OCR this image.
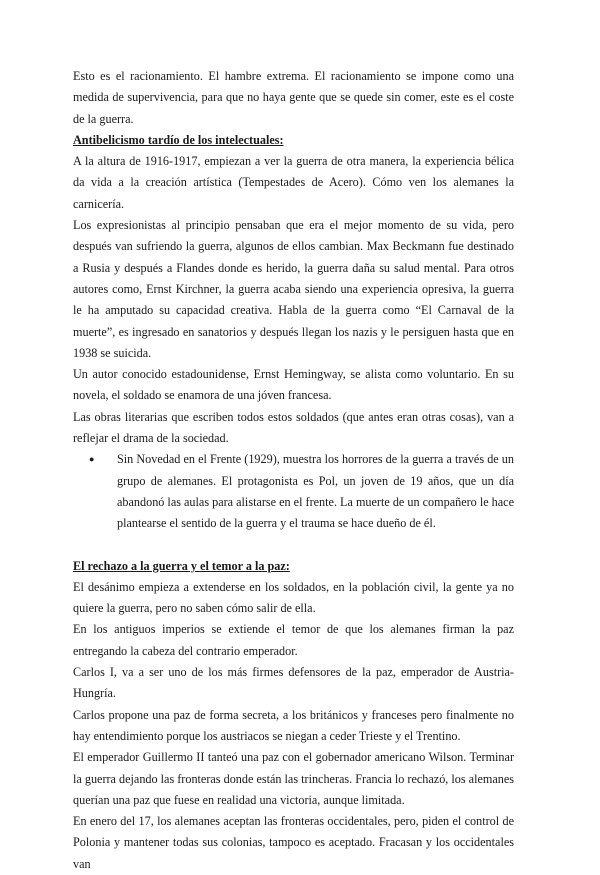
Esto es el racionamiento. El hambre extrema. El racionamiento se impone como una medida de supervivencia, para que no haya gente que se quede sin comer, este es el coste de la guerra.

Antibelicismo tardío de los intelectuales:

A la altura de 1916-1917, empiezan a ver la guerra de otra manera, la experiencia bélica da vida a la creación artística (Tempestades de Acero). Cómo ven los alemanes la carnicería.

Los expresionistas al principio pensaban que era el mejor momento de su vida, pero después van sufriendo la guerra, algunos de ellos cambian. Max Beckmann fue destinado a Rusia y después a Flandes donde es herido, la guerra daña su salud mental. Para otros autores como, Ernst Kirchner, la guerra acaba siendo una experiencia opresiva, la guerra le ha amputado su capacidad creativa. Habla de la guerra como “El Carnaval de la muerte”, es ingresado en sanatorios y después llegan los nazis y le persiguen hasta que en 1938 se suicida.

Un autor conocido estadounidense, Ernst Hemingway, se alista como voluntario. En su novela, el soldado se enamora de una jóven francesa.

Las obras literarias que escriben todos estos soldados (que antes eran otras cosas), van a reflejar el drama de la sociedad.

● Sin Novedad en el Frente (1929), muestra los horrores de la guerra a través de un grupo de alemanes. El protagonista es Pol, un joven de 19 años, que un día abandonó las aulas para alistarse en el frente. La muerte de un compañero le hace plantearse el sentido de la guerra y el trauma se hace dueño de él.

El rechazo a la guerra y el temor a la paz:

El desánimo empieza a extenderse en los soldados, en la población civil, la gente ya no quiere la guerra, pero no saben cómo salir de ella.

En los antiguos imperios se extiende el temor de que los alemanes firman la paz entregando la cabeza del contrario emperador.

Carlos I, va a ser uno de los más firmes defensores de la paz, emperador de Austria-Hungría.

Carlos propone una paz de forma secreta, a los británicos y franceses pero finalmente no hay entendimiento porque los austriacos se niegan a ceder Trieste y el Trentino.

El emperador Guillermo II tanteó una paz con el gobernador americano Wilson. Terminar la guerra dejando las fronteras donde están las trincheras. Francia lo rechazó, los alemanes querían una paz que fuese en realidad una victoria, aunque limitada.

En enero del 17, los alemanes aceptan las fronteras occidentales, pero, piden el control de Polonia y mantener todas sus colonias, tampoco es aceptado. Fracasan y los occidentales van
